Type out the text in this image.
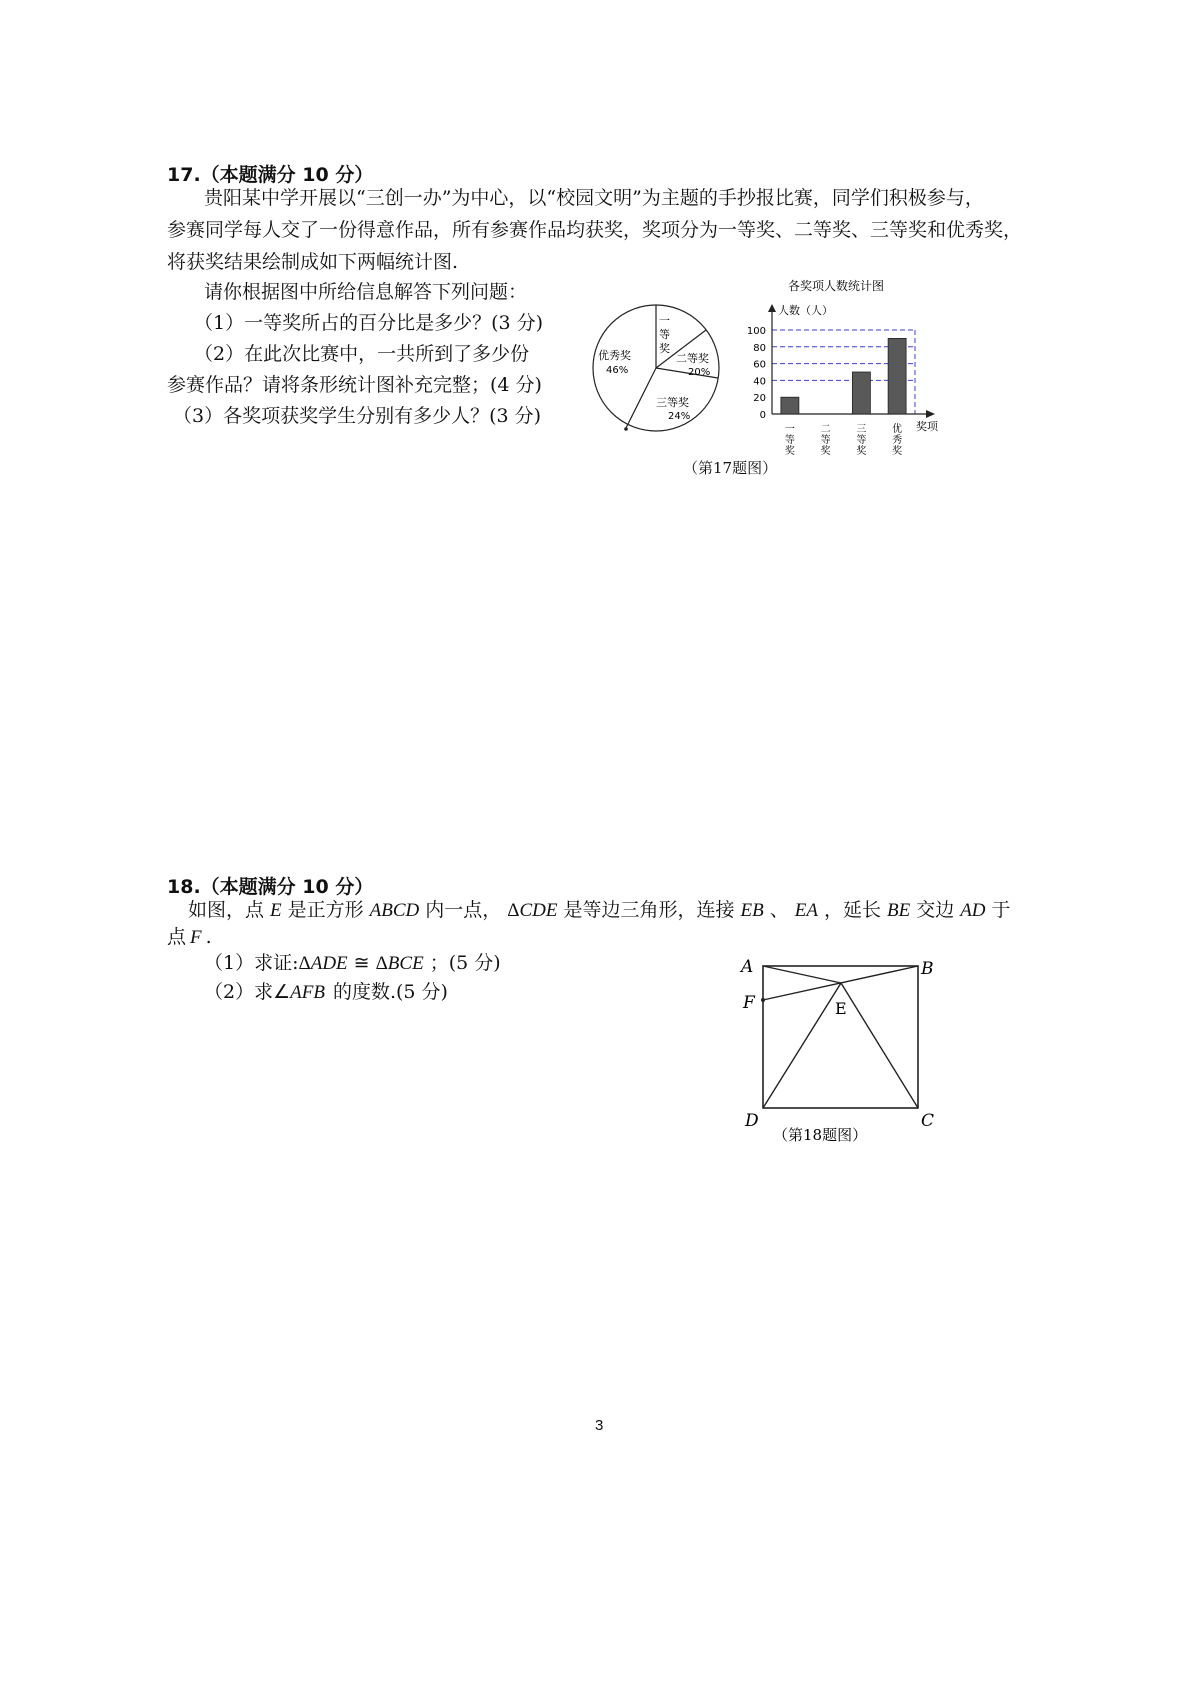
17.（本题满分 10 分）
贵阳某中学开展以“三创一办”为中心，以“校园文明”为主题的手抄报比赛，同学们积极参与，
参赛同学每人交了一份得意作品，所有参赛作品均获奖，奖项分为一等奖、二等奖、三等奖和优秀奖，
将获奖结果绘制成如下两幅统计图.
请你根据图中所给信息解答下列问题：
（1）一等奖所占的百分比是多少？(3 分)
（2）在此次比赛中，一共所到了多少份
参赛作品？请将条形统计图补充完整；(4 分)
（3）各奖项获奖学生分别有多少人？(3 分)
一
等
奖
二等奖
20%
三等奖
24%
优秀奖
46%
各奖项人数统计图
人数（人）
100
80
60
40
20
0
一
等
奖
二
等
奖
三
等
奖
优
秀
奖
奖项
（第17题图）
18.（本题满分 10 分）
如图，点 E 是正方形 ABCD 内一点， ΔCDE 是等边三角形，连接 EB 、 EA ，延长 BE 交边 AD 于
点 F .
（1）求证:ΔADE ≅ ΔBCE ；(5 分)
（2）求∠AFB 的度数.(5 分)
A	B
F	E
D	C
（第18题图）
3
